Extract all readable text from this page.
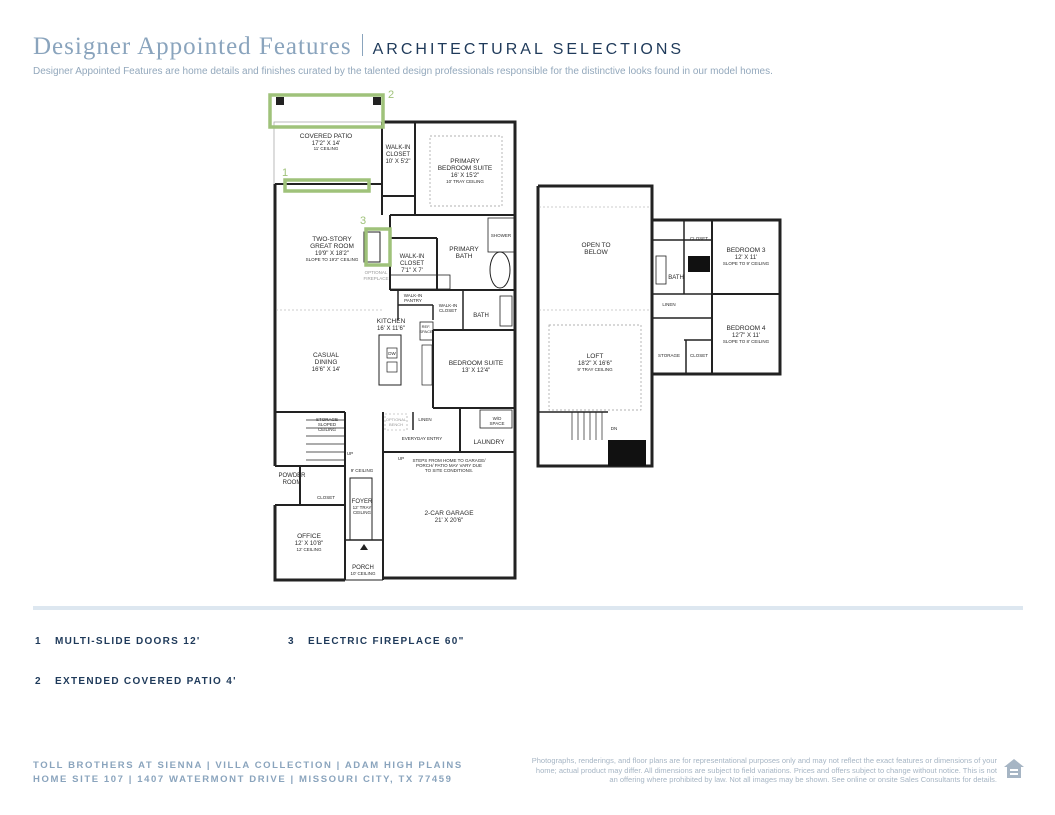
Designer Appointed Features ARCHITECTURAL SELECTIONS
Designer Appointed Features are home details and finishes curated by the talented design professionals responsible for the distinctive looks found in our model homes.
2
1
3
COVERED PATIO
17'2" X 14'
11' CEILING	WALK-IN
CLOSET
10' X 5'2"	PRIMARY
BEDROOM SUITE
16' X 15'2"
10' TRAY CEILING
TWO-STORY
GREAT ROOM
19'9" X 18'2"
SLOPE TO 19'2" CEILING
OPTIONAL
FIREPLACE
WALK-IN
CLOSET
7'1" X 7'
PRIMARY
BATH
SHOWER
WALK-IN
PANTRY
WALK-IN
CLOSET
BATH
KITCHEN
16' X 11'6"	REF.
SPACE
DW
CASUAL
DINING
16'6" X 14'
BEDROOM SUITE
13' X 12'4"
STORAGE
SLOPED
CEILING
OPTIONAL
BENCH
LINEN	W/D
SPACE
LAUNDRY
EVERYDAY ENTRY
UP
UP
STEPS FROM HOME TO GARAGE/
PORCH/ PATIO MAY VARY DUE
TO SITE CONDITIONS.
POWDER
ROOM
CLOSET
9' CEILING
FOYER
12' TRAY
CEILING	2-CAR GARAGE
21' X 20'6"
OFFICE
12' X 10'8"
12' CEILING
PORCH
10' CEILING
OPEN TO
BELOW
CLOSET
BEDROOM 3
12' X 11'
SLOPE TO 9' CEILING
BATH
LINEN
BEDROOM 4
12'7" X 11'
SLOPE TO 8' CEILING
LOFT
18'2" X 16'6"
9' TRAY CEILING
STORAGE CLOSET
DN
1 MULTI-SLIDE DOORS 12'
2 EXTENDED COVERED PATIO 4'
3 ELECTRIC FIREPLACE 60"
TOLL BROTHERS AT SIENNA | VILLA COLLECTION | ADAM HIGH PLAINS
HOME SITE 107 | 1407 WATERMONT DRIVE | MISSOURI CITY, TX 77459
Photographs, renderings, and floor plans are for representational purposes only and may not reflect the exact features or dimensions of your home; actual product may differ. All dimensions are subject to field variations. Prices and offers subject to change without notice. This is not an offering where prohibited by law. Not all images may be shown. See online or onsite Sales Consultants for details.
